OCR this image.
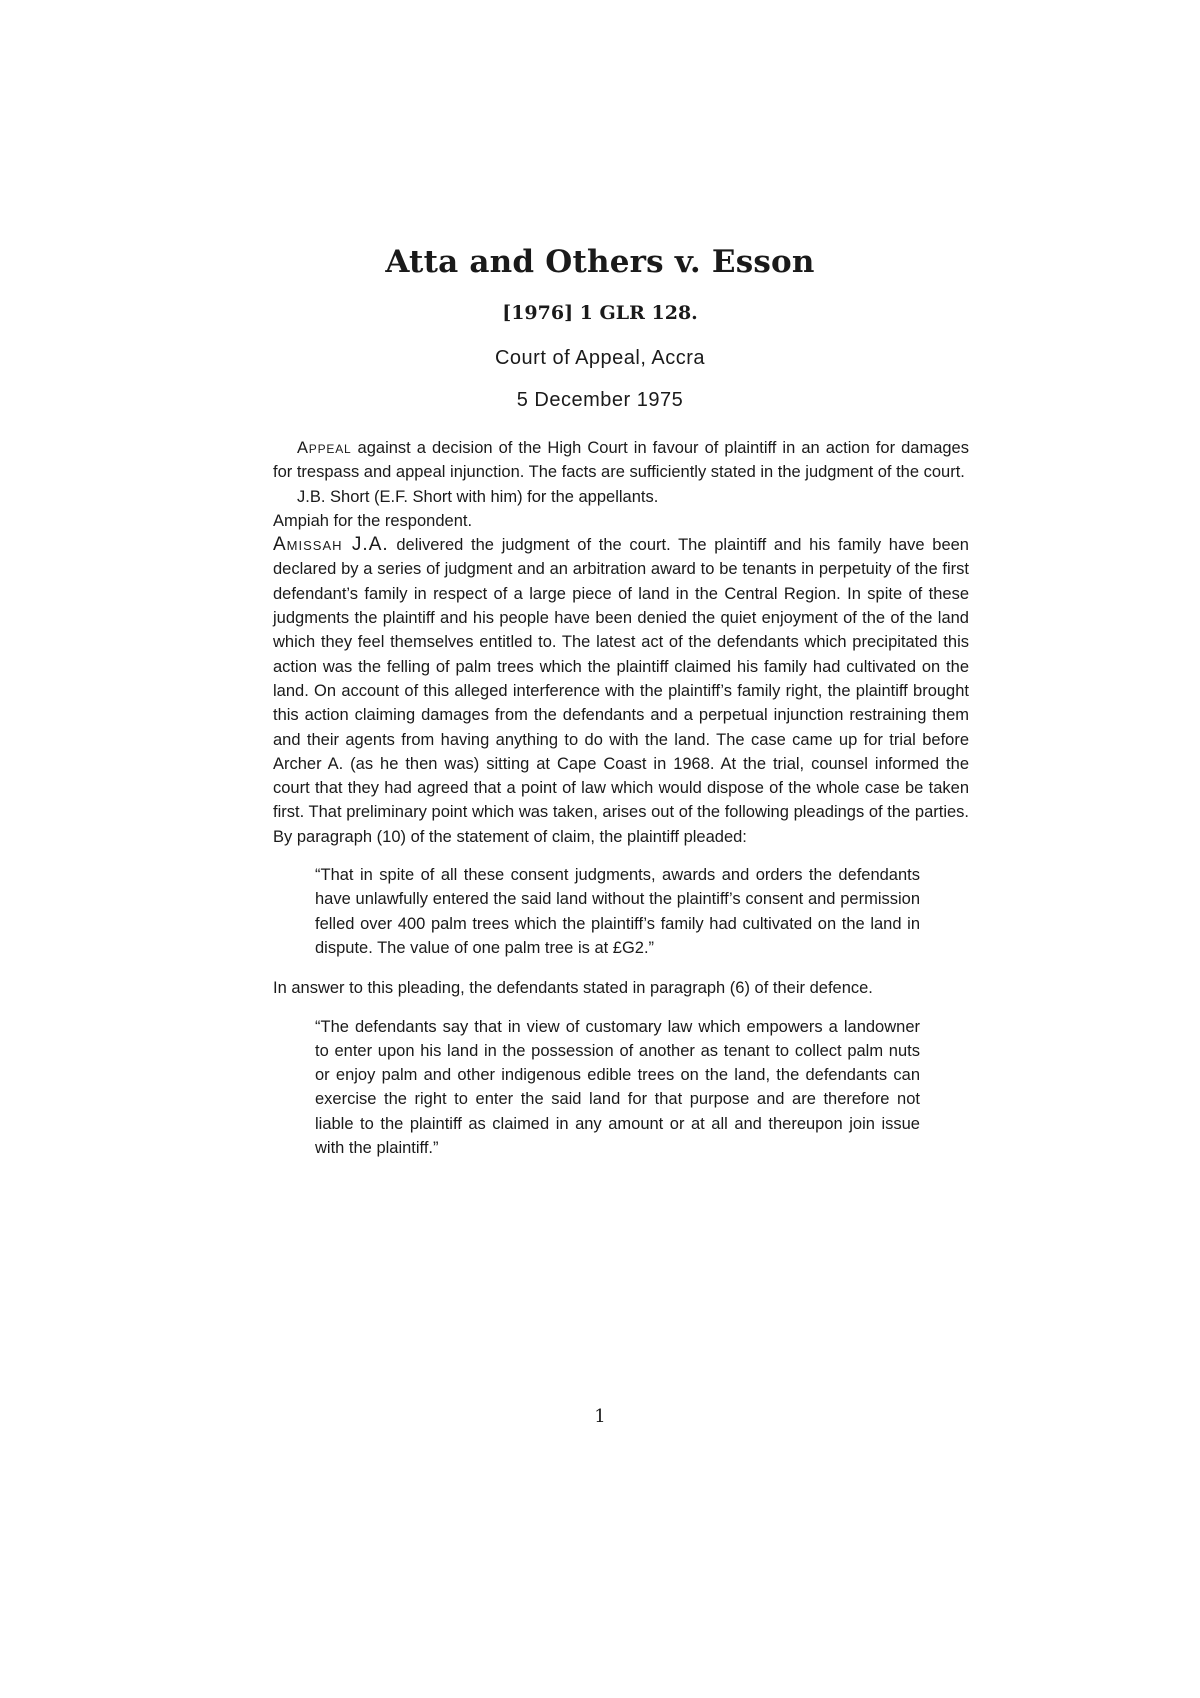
Atta and Others v. Esson
[1976] 1 GLR 128.
Court of Appeal, Accra
5 December 1975

Appeal against a decision of the High Court in favour of plaintiff in an action for damages for trespass and appeal injunction. The facts are sufficiently stated in the judgment of the court.

J.B. Short (E.F. Short with him) for the appellants.

Ampiah for the respondent.

Amissah J.A. delivered the judgment of the court. The plaintiff and his family have been declared by a series of judgment and an arbitration award to be tenants in perpetuity of the first defendant’s family in respect of a large piece of land in the Central Region. In spite of these judgments the plaintiff and his people have been denied the quiet enjoyment of the of the land which they feel themselves entitled to. The latest act of the defendants which precipitated this action was the felling of palm trees which the plaintiff claimed his family had cultivated on the land. On account of this alleged interference with the plaintiff’s family right, the plaintiff brought this action claiming damages from the defendants and a perpetual injunction restraining them and their agents from having anything to do with the land. The case came up for trial before Archer A. (as he then was) sitting at Cape Coast in 1968. At the trial, counsel informed the court that they had agreed that a point of law which would dispose of the whole case be taken first. That preliminary point which was taken, arises out of the following pleadings of the parties. By paragraph (10) of the statement of claim, the plaintiff pleaded:

“That in spite of all these consent judgments, awards and orders the defendants have unlawfully entered the said land without the plaintiff’s consent and permission felled over 400 palm trees which the plaintiff’s family had cultivated on the land in dispute. The value of one palm tree is at £G2.”

In answer to this pleading, the defendants stated in paragraph (6) of their defence.

“The defendants say that in view of customary law which empowers a landowner to enter upon his land in the possession of another as tenant to collect palm nuts or enjoy palm and other indigenous edible trees on the land, the defendants can exercise the right to enter the said land for that purpose and are therefore not liable to the plaintiff as claimed in any amount or at all and thereupon join issue with the plaintiff.”

1
